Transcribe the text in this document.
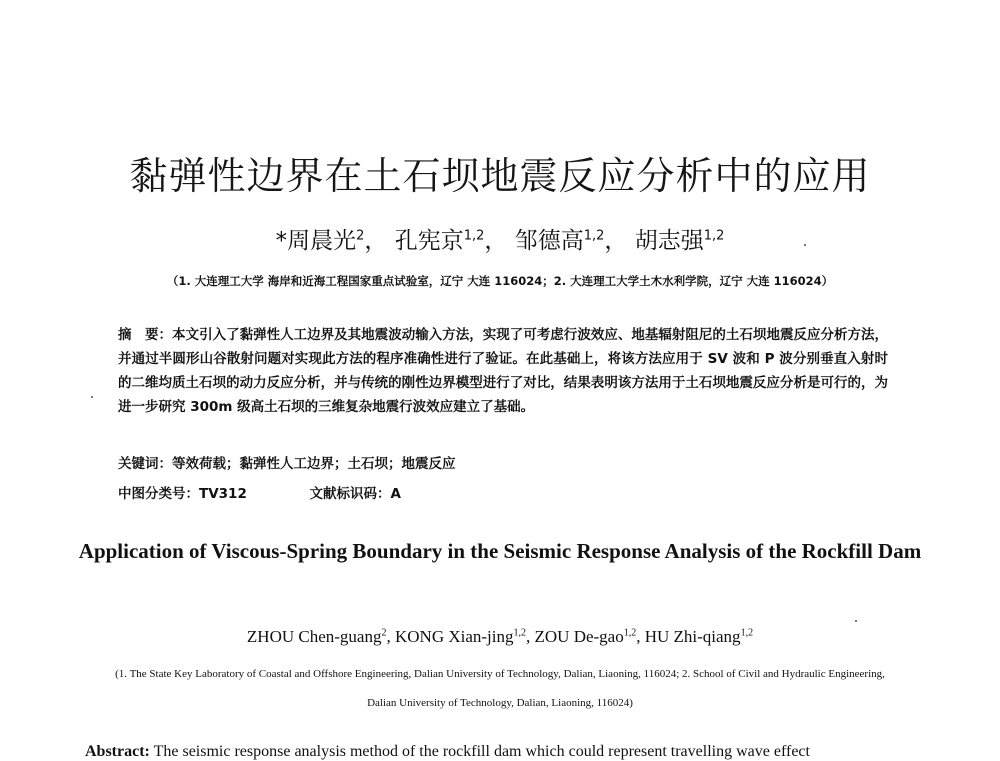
黏弹性边界在土石坝地震反应分析中的应用
*周晨光$^2$， 孔宪京$^{1,2}$， 邹德高$^{1,2}$， 胡志强$^{1,2}$
（1. 大连理工大学 海岸和近海工程国家重点试验室，辽宁 大连 116024；2. 大连理工大学土木水利学院，辽宁 大连 116024）
摘　要：本文引入了黏弹性人工边界及其地震波动输入方法，实现了可考虑行波效应、地基辐射阻尼的土石坝地震反应分析方法，并通过半圆形山谷散射问题对实现此方法的程序准确性进行了验证。在此基础上，将该方法应用于 SV 波和 P 波分别垂直入射时的二维均质土石坝的动力反应分析，并与传统的刚性边界模型进行了对比，结果表明该方法用于土石坝地震反应分析是可行的，为进一步研究 300m 级高土石坝的三维复杂地震行波效应建立了基础。
关键词：等效荷载；黏弹性人工边界；土石坝；地震反应
中图分类号：TV312	文献标识码：A
Application of Viscous-Spring Boundary in the Seismic Response Analysis of the Rockfill Dam
ZHOU Chen-guang$^2$, KONG Xian-jing$^{1,2}$, ZOU De-gao$^{1,2}$, HU Zhi-qiang$^{1,2}$
(1. The State Key Laboratory of Coastal and Offshore Engineering, Dalian University of Technology, Dalian, Liaoning, 116024; 2. School of Civil and Hydraulic Engineering, Dalian University of Technology, Dalian, Liaoning, 116024)
Abstract: The seismic response analysis method of the rockfill dam which could represent travelling wave effect
